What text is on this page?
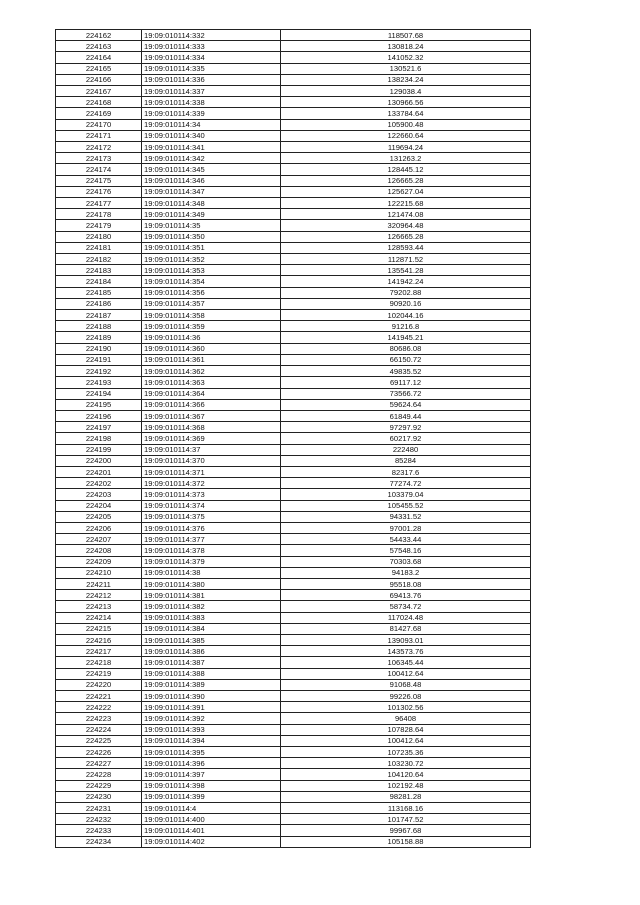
224162	19:09:010114:332	118507.68
224163	19:09:010114:333	130818.24
224164	19:09:010114:334	141052.32
224165	19:09:010114:335	130521.6
224166	19:09:010114:336	138234.24
224167	19:09:010114:337	129038.4
224168	19:09:010114:338	130966.56
224169	19:09:010114:339	133784.64
224170	19:09:010114:34	105900.48
224171	19:09:010114:340	122660.64
224172	19:09:010114:341	119694.24
224173	19:09:010114:342	131263.2
224174	19:09:010114:345	128445.12
224175	19:09:010114:346	126665.28
224176	19:09:010114:347	125627.04
224177	19:09:010114:348	122215.68
224178	19:09:010114:349	121474.08
224179	19:09:010114:35	320964.48
224180	19:09:010114:350	126665.28
224181	19:09:010114:351	128593.44
224182	19:09:010114:352	112871.52
224183	19:09:010114:353	135541.28
224184	19:09:010114:354	141942.24
224185	19:09:010114:356	79202.88
224186	19:09:010114:357	90920.16
224187	19:09:010114:358	102044.16
224188	19:09:010114:359	91216.8
224189	19:09:010114:36	141945.21
224190	19:09:010114:360	80686.08
224191	19:09:010114:361	66150.72
224192	19:09:010114:362	49835.52
224193	19:09:010114:363	69117.12
224194	19:09:010114:364	73566.72
224195	19:09:010114:366	59624.64
224196	19:09:010114:367	61849.44
224197	19:09:010114:368	97297.92
224198	19:09:010114:369	60217.92
224199	19:09:010114:37	222480
224200	19:09:010114:370	85284
224201	19:09:010114:371	82317.6
224202	19:09:010114:372	77274.72
224203	19:09:010114:373	103379.04
224204	19:09:010114:374	105455.52
224205	19:09:010114:375	94331.52
224206	19:09:010114:376	97001.28
224207	19:09:010114:377	54433.44
224208	19:09:010114:378	57548.16
224209	19:09:010114:379	70303.68
224210	19:09:010114:38	94183.2
224211	19:09:010114:380	95518.08
224212	19:09:010114:381	69413.76
224213	19:09:010114:382	58734.72
224214	19:09:010114:383	117024.48
224215	19:09:010114:384	81427.68
224216	19:09:010114:385	139093.01
224217	19:09:010114:386	143573.76
224218	19:09:010114:387	106345.44
224219	19:09:010114:388	100412.64
224220	19:09:010114:389	91068.48
224221	19:09:010114:390	99226.08
224222	19:09:010114:391	101302.56
224223	19:09:010114:392	96408
224224	19:09:010114:393	107828.64
224225	19:09:010114:394	100412.64
224226	19:09:010114:395	107235.36
224227	19:09:010114:396	103230.72
224228	19:09:010114:397	104120.64
224229	19:09:010114:398	102192.48
224230	19:09:010114:399	98281.28
224231	19:09:010114:4	113168.16
224232	19:09:010114:400	101747.52
224233	19:09:010114:401	99967.68
224234	19:09:010114:402	105158.88
